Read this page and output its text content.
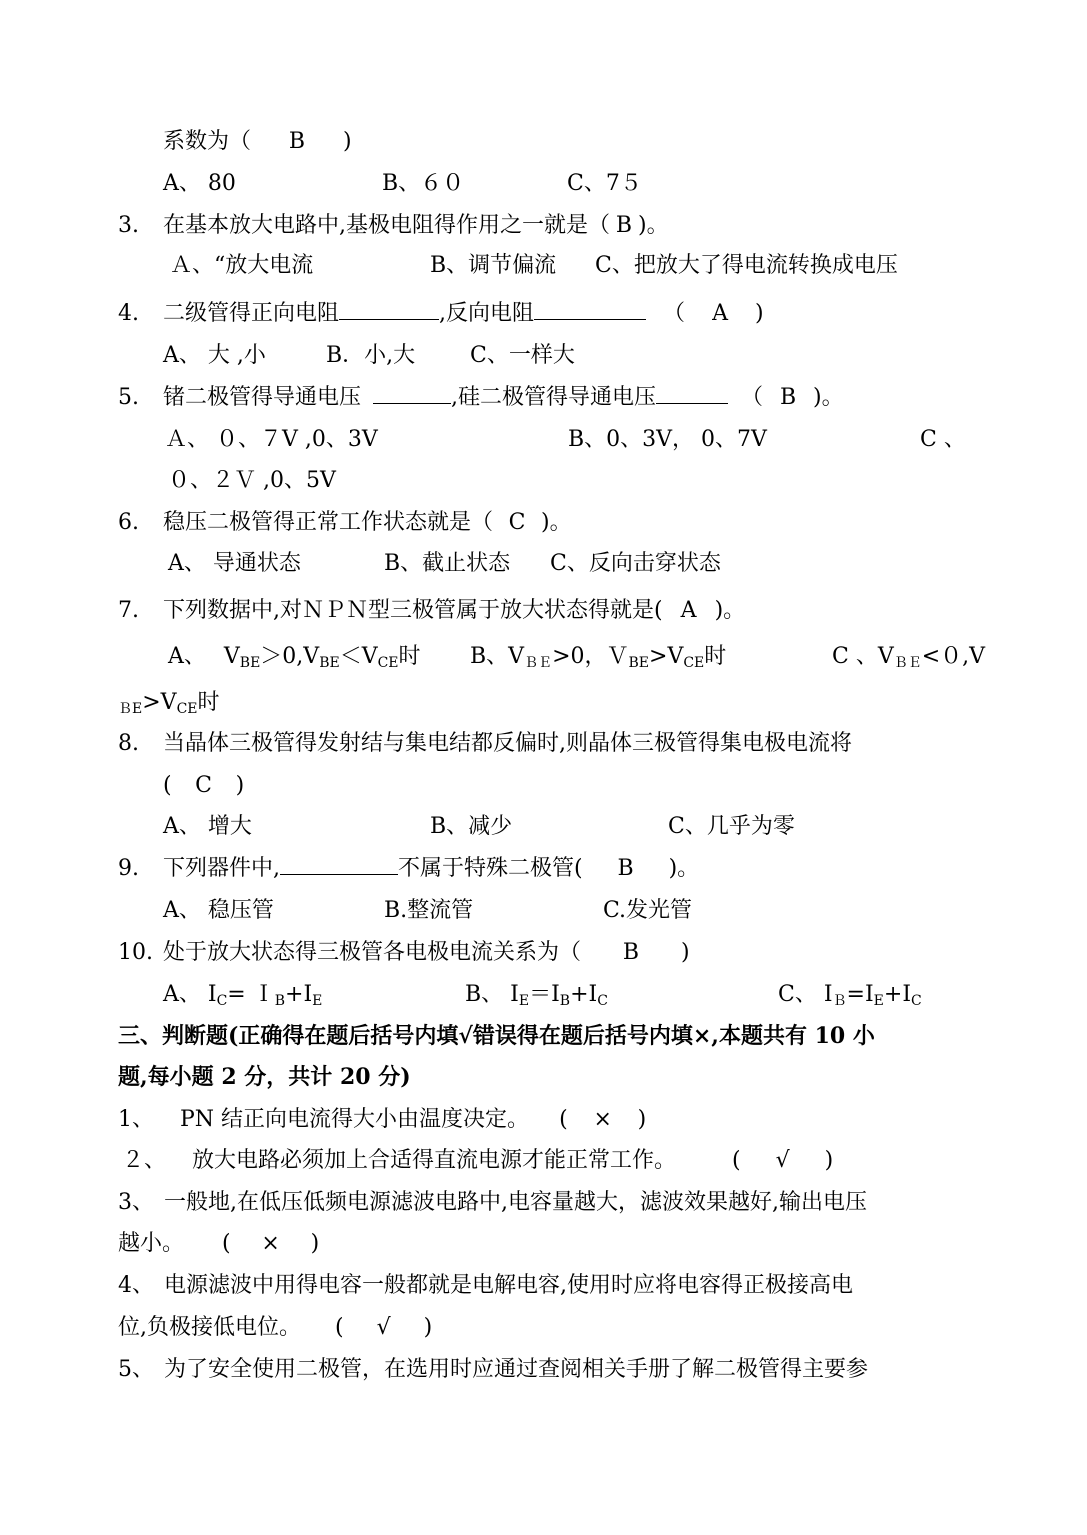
系数为（ B )
A、 80	B、６０	C、7５
3. 在基本放大电路中,基极电阻得作用之一就是（ B )。
Ａ、“放大电流	B、调节偏流 C、把放大了得电流转换成电压
4. 二级管得正向电阻	,反向电阻	（ A )
A、 大 ,小	B．小,大 C、一样大
5. 锗二极管得导通电压	,硅二极管得导通电压	（ B )。
Ａ、 ０、７V ,0、3V	B、0、3V， 0、7V	C 、
０、２Ｖ ,0、5V
6. 稳压二极管得正常工作状态就是（ C )。
A、 导通状态	B、截止状态 C、反向击穿状态
7. 下列数据中,对ＮＰＮ型三极管属于放大状态得就是( A )。
A、 $V_{BE}>0,V_{BE}<V_{CE}$时 B、$V_{BE}>0$，$V_{BE}>V_{CE}$时	C 、$V_{BE}<0,V$
$_{BE}>V_{CE}$时
8. 当晶体三极管得发射结与集电结都反偏时,则晶体三极管得集电极电流将
( C )
A、 增大	B、减少	C、几乎为零
9. 下列器件中,	不属于特殊二极管( B )。
A、 稳压管	B.整流管	C.发光管
10. 处于放大状态得三极管各电极电流关系为（ B )
A、 $I_C=$ $I_B+I_E$	B、 $I_E=I_B+I_C$	C、 $I_B=I_E+I_C$
三、判断题(正确得在题后括号内填√错误得在题后括号内填×,本题共有 10 小
题,每小题 2 分，共计 20 分)
1、 PN 结正向电流得大小由温度决定。 ( × )
２、 放大电路必须加上合适得直流电源才能正常工作。	( √ )
3、 一般地,在低压低频电源滤波电路中,电容量越大，滤波效果越好,输出电压
越小。 ( × )
4、 电源滤波中用得电容一般都就是电解电容,使用时应将电容得正极接高电
位,负极接低电位。 ( √ )
5、 为了安全使用二极管，在选用时应通过查阅相关手册了解二极管得主要参
